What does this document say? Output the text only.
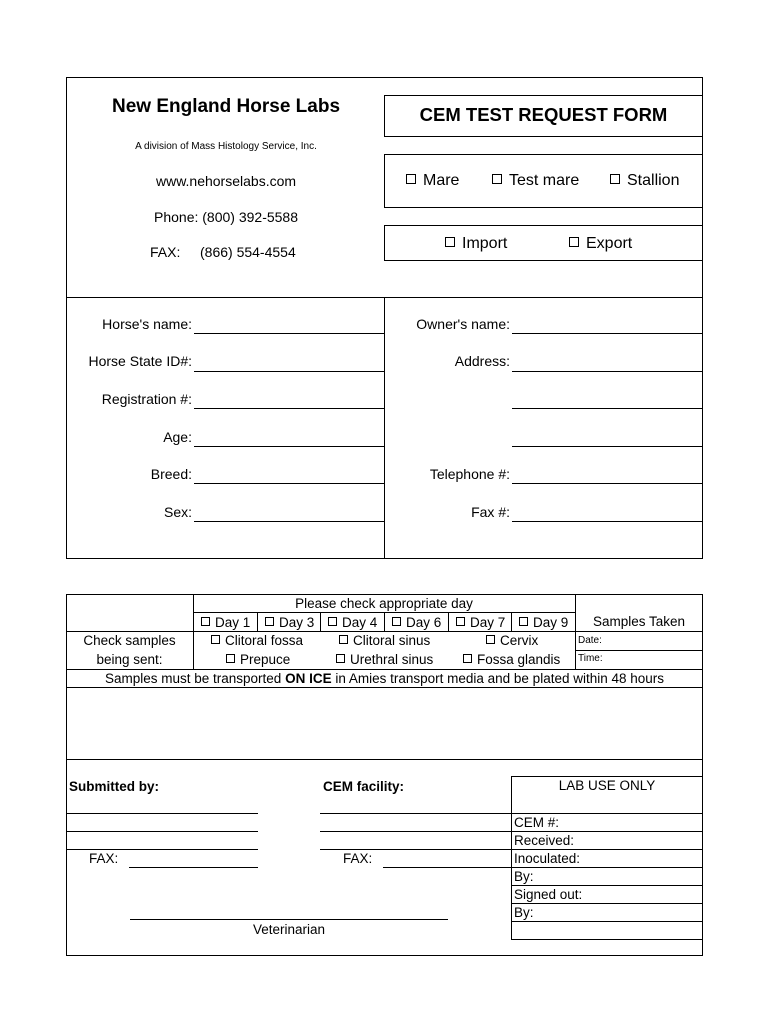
New England Horse Labs
A division of Mass Histology Service, Inc.
www.nehorselabs.com
Phone: (800) 392-5588
FAX: (866) 554-4554
CEM TEST REQUEST FORM
Mare	Test mare	Stallion
Import	Export
Horse's name:
Horse State ID#:
Registration #:
Age:
Breed:
Sex:
Owner's name:
Address:
Telephone #:
Fax #:
Please check appropriate day
Day 1	Day 3	Day 4	Day 6	Day 7	Day 9
Check samples
being sent:
Clitoral fossa	Clitoral sinus	Cervix
Prepuce	Urethral sinus	Fossa glandis
Samples Taken
Date:
Time:
Samples must be transported ON ICE in Amies transport media and be plated within 48 hours
Submitted by:
FAX:
CEM facility:
FAX:
Veterinarian
LAB USE ONLY
CEM #:
Received:
Inoculated:
By:
Signed out:
By:
